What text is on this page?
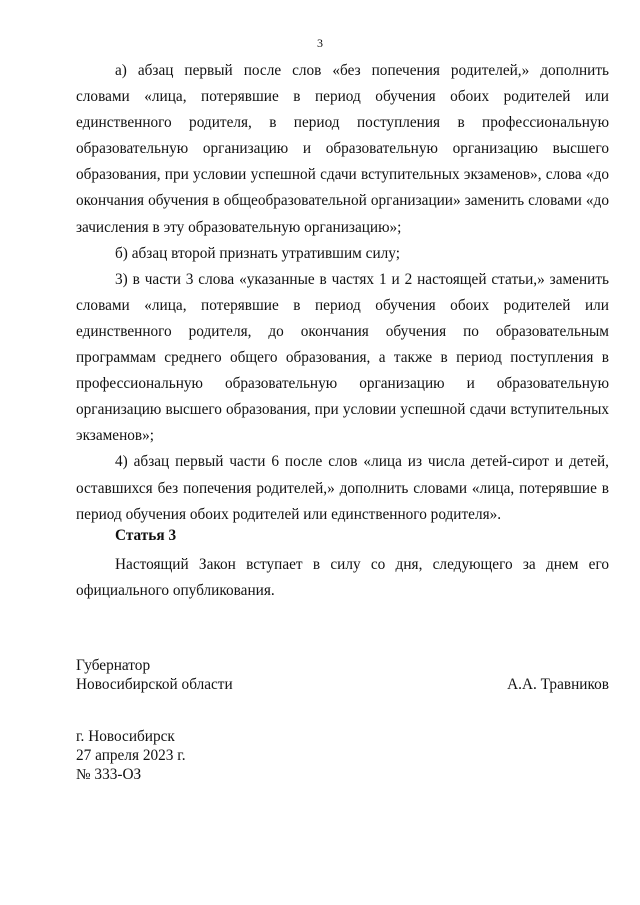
3

а) абзац первый после слов «без попечения родителей,» дополнить словами «лица, потерявшие в период обучения обоих родителей или единственного родителя, в период поступления в профессиональную образовательную организацию и образовательную организацию высшего образования, при условии успешной сдачи вступительных экзаменов», слова «до окончания обучения в общеобразовательной организации» заменить словами «до зачисления в эту образовательную организацию»;

б) абзац второй признать утратившим силу;

3) в части 3 слова «указанные в частях 1 и 2 настоящей статьи,» заменить словами «лица, потерявшие в период обучения обоих родителей или единственного родителя, до окончания обучения по образовательным программам среднего общего образования, а также в период поступления в профессиональную образовательную организацию и образовательную организацию высшего образования, при условии успешной сдачи вступительных экзаменов»;

4) абзац первый части 6 после слов «лица из числа детей-сирот и детей, оставшихся без попечения родителей,» дополнить словами «лица, потерявшие в период обучения обоих родителей или единственного родителя».

Статья 3

Настоящий Закон вступает в силу со дня, следующего за днем его официального опубликования.

Губернатор
Новосибирской области	А.А. Травников
г. Новосибирск
27 апреля 2023 г.
№ 333-ОЗ
